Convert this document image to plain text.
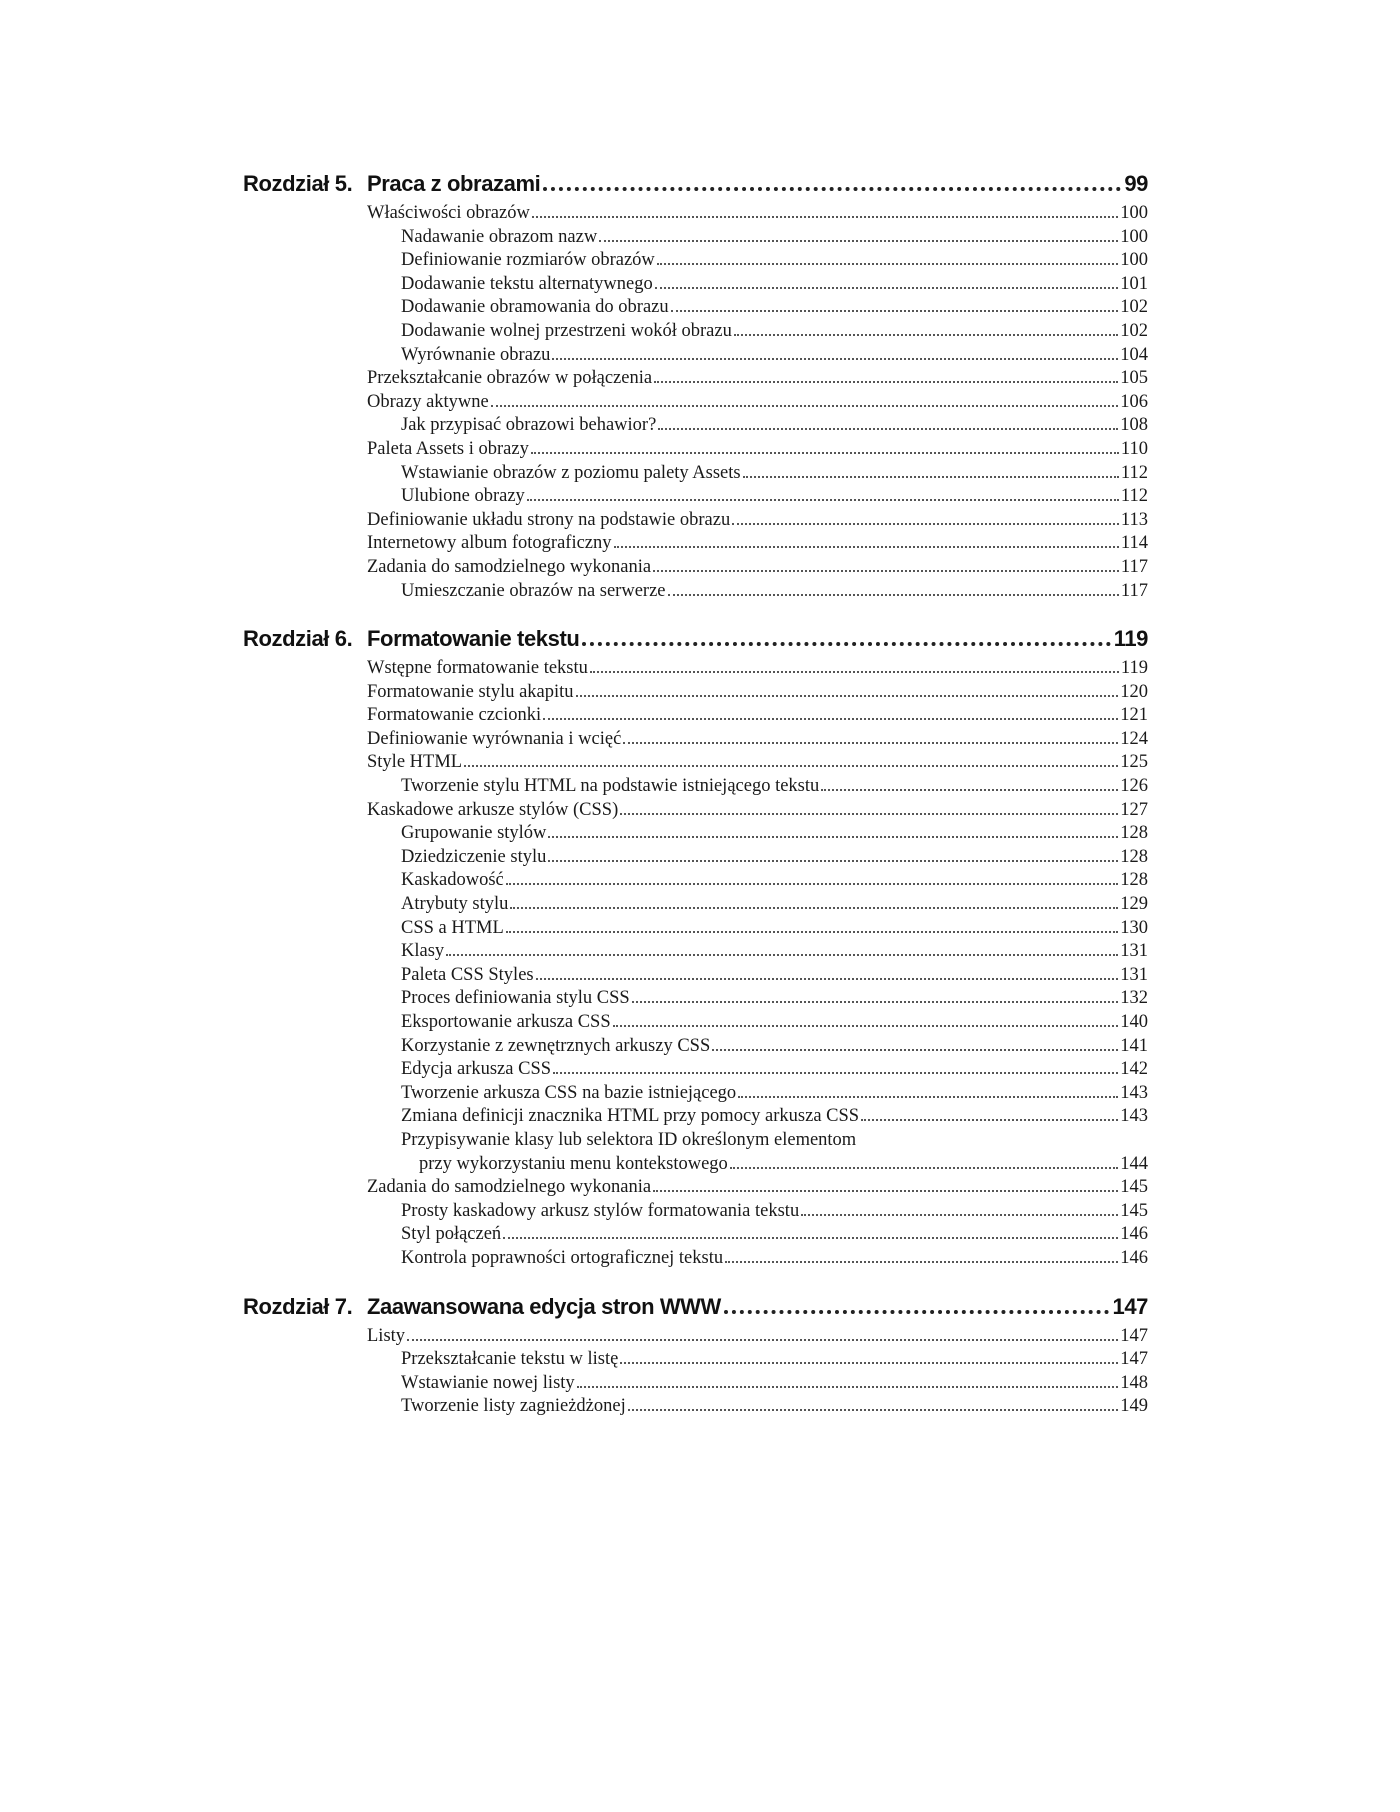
Rozdział 5. Praca z obrazami	99
Właściwości obrazów	100
Nadawanie obrazom nazw	100
Definiowanie rozmiarów obrazów	100
Dodawanie tekstu alternatywnego	101
Dodawanie obramowania do obrazu	102
Dodawanie wolnej przestrzeni wokół obrazu	102
Wyrównanie obrazu	104
Przekształcanie obrazów w połączenia	105
Obrazy aktywne	106
Jak przypisać obrazowi behawior?	108
Paleta Assets i obrazy	110
Wstawianie obrazów z poziomu palety Assets	112
Ulubione obrazy	112
Definiowanie układu strony na podstawie obrazu	113
Internetowy album fotograficzny	114
Zadania do samodzielnego wykonania	117
Umieszczanie obrazów na serwerze	117
Rozdział 6. Formatowanie tekstu	119
Wstępne formatowanie tekstu	119
Formatowanie stylu akapitu	120
Formatowanie czcionki	121
Definiowanie wyrównania i wcięć	124
Style HTML	125
Tworzenie stylu HTML na podstawie istniejącego tekstu	126
Kaskadowe arkusze stylów (CSS)	127
Grupowanie stylów	128
Dziedziczenie stylu	128
Kaskadowość	128
Atrybuty stylu	129
CSS a HTML	130
Klasy	131
Paleta CSS Styles	131
Proces definiowania stylu CSS	132
Eksportowanie arkusza CSS	140
Korzystanie z zewnętrznych arkuszy CSS	141
Edycja arkusza CSS	142
Tworzenie arkusza CSS na bazie istniejącego	143
Zmiana definicji znacznika HTML przy pomocy arkusza CSS	143
Przypisywanie klasy lub selektora ID określonym elementom
przy wykorzystaniu menu kontekstowego	144
Zadania do samodzielnego wykonania	145
Prosty kaskadowy arkusz stylów formatowania tekstu	145
Styl połączeń	146
Kontrola poprawności ortograficznej tekstu	146
Rozdział 7. Zaawansowana edycja stron WWW	147
Listy	147
Przekształcanie tekstu w listę	147
Wstawianie nowej listy	148
Tworzenie listy zagnieżdżonej	149
